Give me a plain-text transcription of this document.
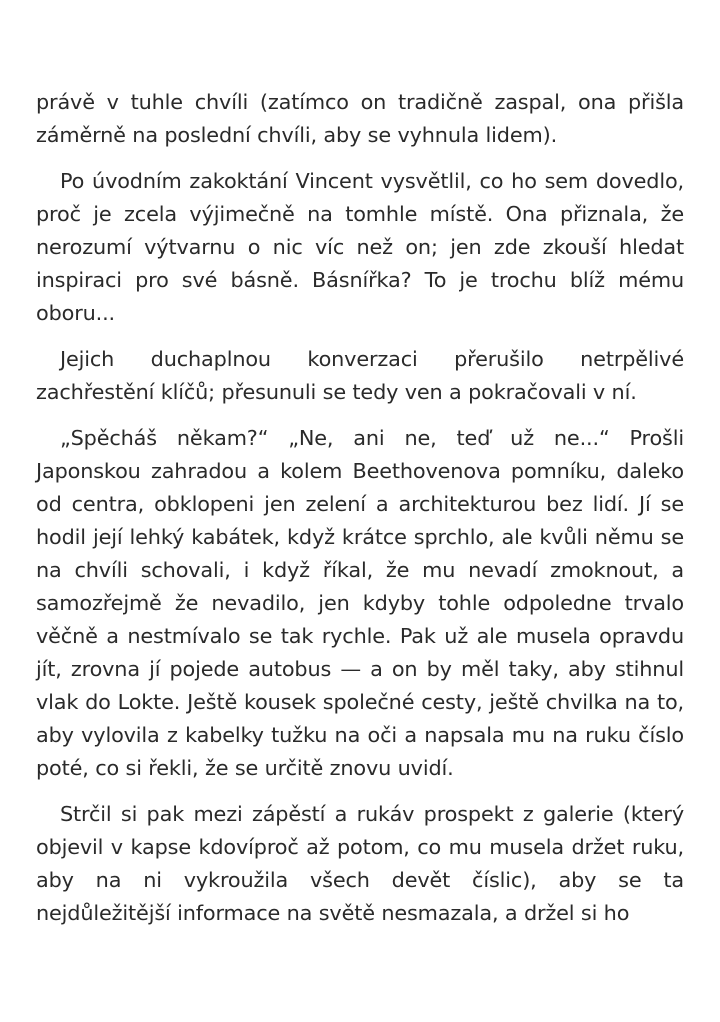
právě v tuhle chvíli (zatímco on tradičně zaspal, ona přišla záměrně na poslední chvíli, aby se vyhnula lidem).

Po úvodním zakoktání Vincent vysvětlil, co ho sem dovedlo, proč je zcela výjimečně na tomhle místě. Ona přiznala, že nerozumí výtvarnu o nic víc než on; jen zde zkouší hledat inspiraci pro své básně. Básnířka? To je trochu blíž mému oboru...

Jejich duchaplnou konverzaci přerušilo netrpělivé zachřestění klíčů; přesunuli se tedy ven a pokračovali v ní.

„Spěcháš někam?“ „Ne, ani ne, teď už ne...“ Prošli Japonskou zahradou a kolem Beethovenova pomníku, daleko od centra, obklopeni jen zelení a architekturou bez lidí. Jí se hodil její lehký kabátek, když krátce sprchlo, ale kvůli němu se na chvíli schovali, i když říkal, že mu nevadí zmoknout, a samozřejmě že nevadilo, jen kdyby tohle odpoledne trvalo věčně a nestmívalo se tak rychle. Pak už ale musela opravdu jít, zrovna jí pojede autobus — a on by měl taky, aby stihnul vlak do Lokte. Ještě kousek společné cesty, ještě chvilka na to, aby vylovila z kabelky tužku na oči a napsala mu na ruku číslo poté, co si řekli, že se určitě znovu uvidí.

Strčil si pak mezi zápěstí a rukáv prospekt z galerie (který objevil v kapse kdovíproč až potom, co mu musela držet ruku, aby na ni vykroužila všech devět číslic), aby se ta nejdůležitější informace na světě nesmazala, a držel si ho
